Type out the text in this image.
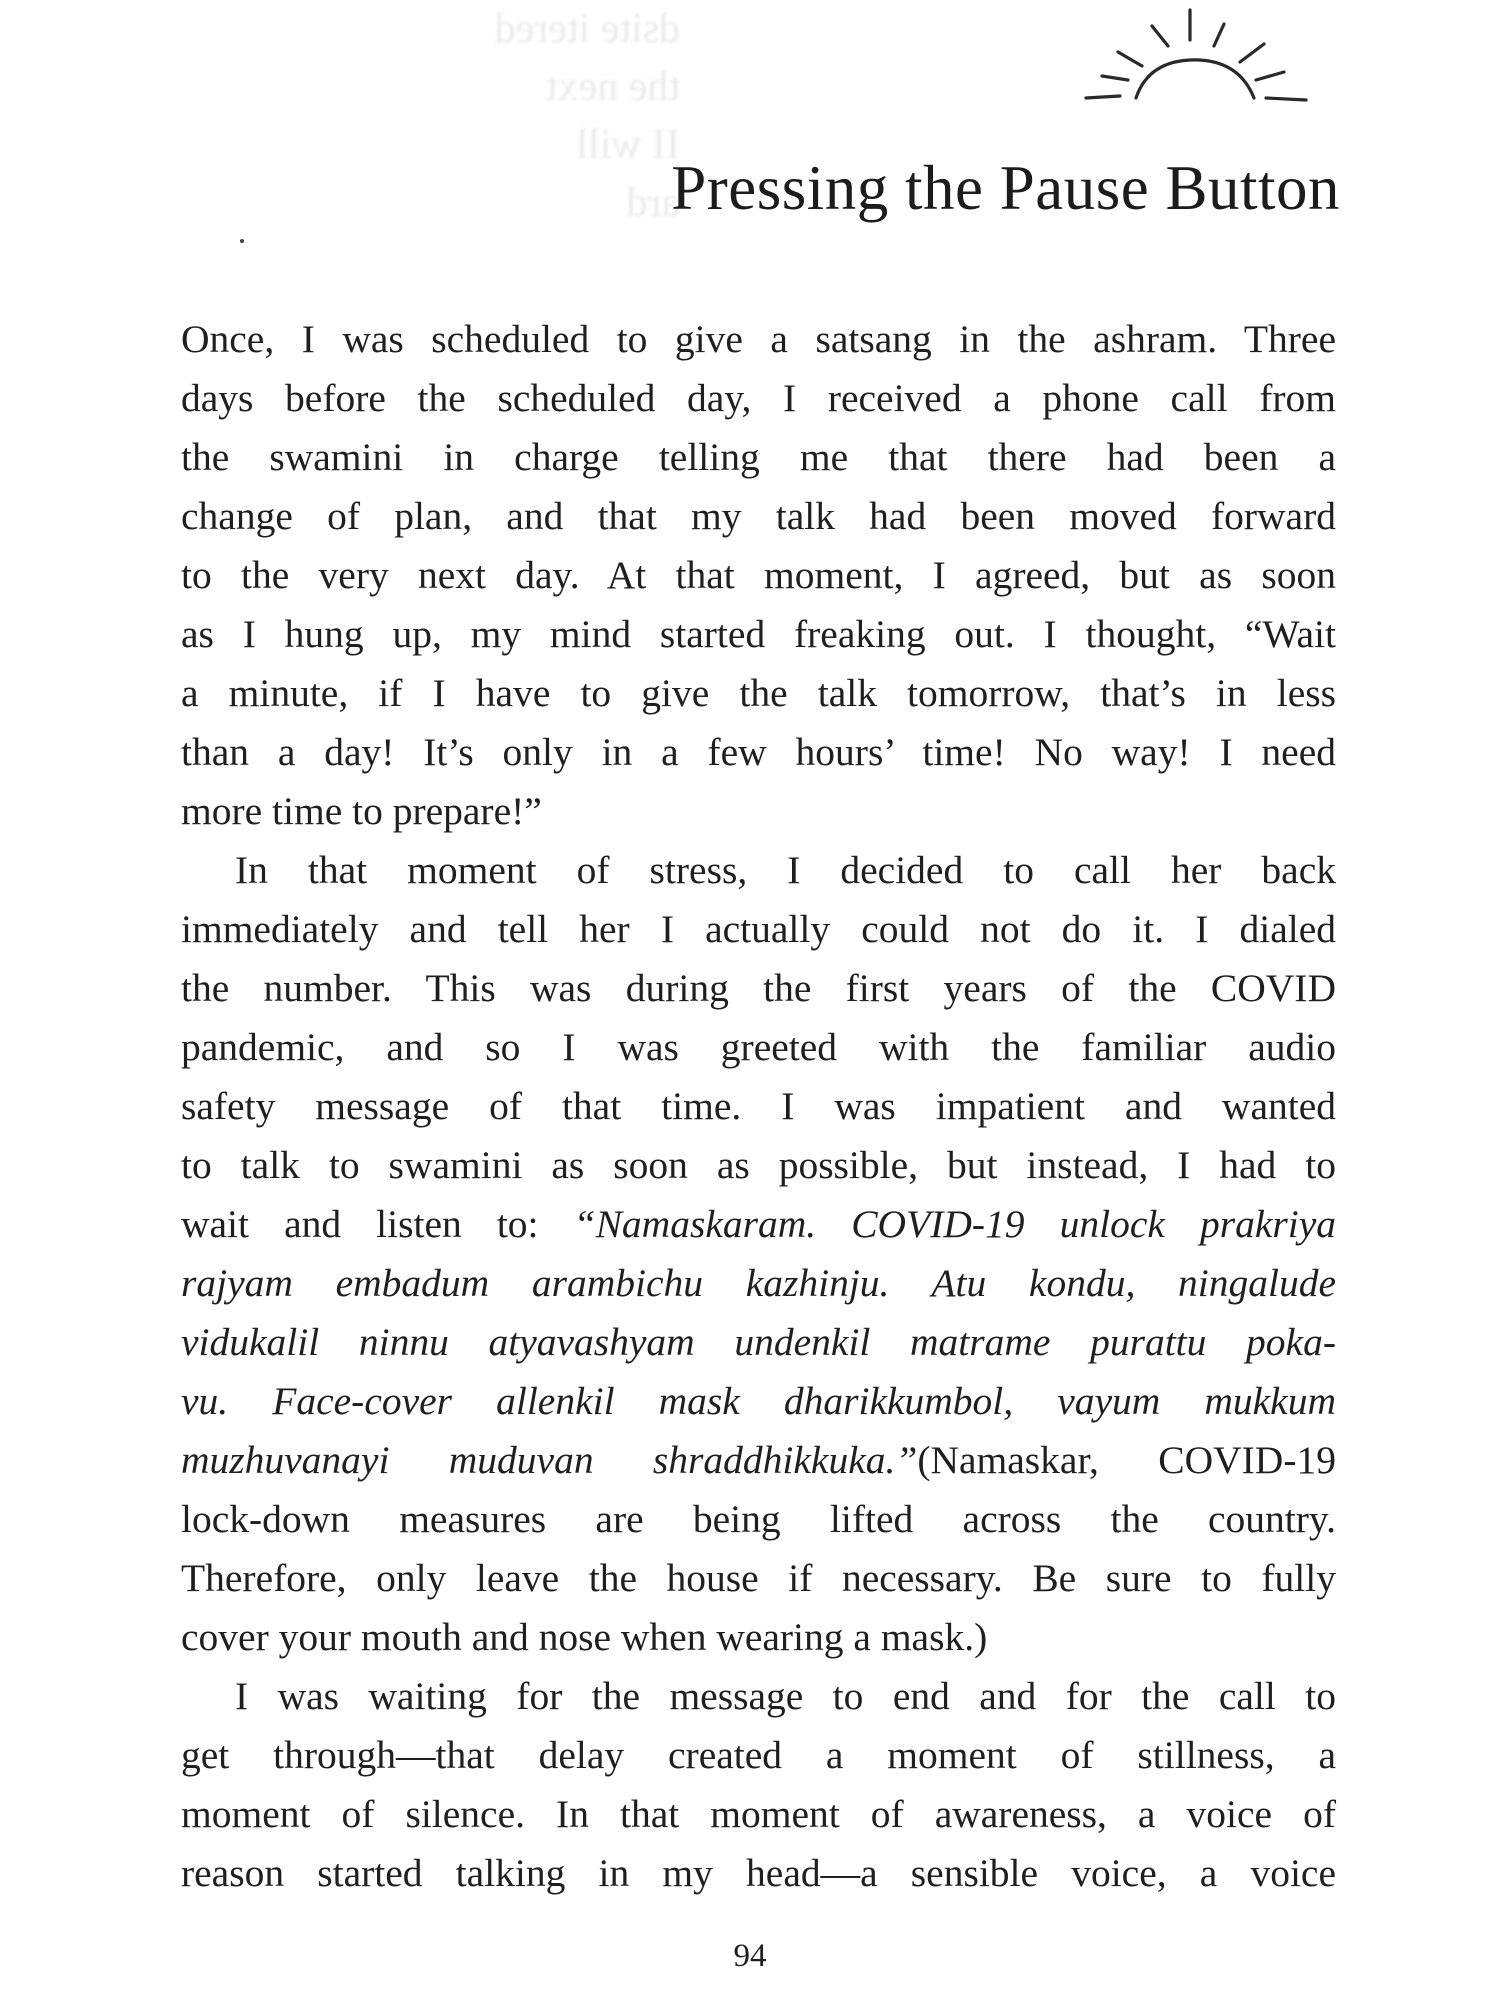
dsite itered
the next
II will
ard
Pressing the Pause Button
Once, I was scheduled to give a satsang in the ashram. Three
days before the scheduled day, I received a phone call from
the swamini in charge telling me that there had been a
change of plan, and that my talk had been moved forward
to the very next day. At that moment, I agreed, but as soon
as I hung up, my mind started freaking out. I thought, “Wait
a minute, if I have to give the talk tomorrow, that’s in less
than a day! It’s only in a few hours’ time! No way! I need
more time to prepare!”
In that moment of stress, I decided to call her back
immediately and tell her I actually could not do it. I dialed
the number. This was during the first years of the COVID
pandemic, and so I was greeted with the familiar audio
safety message of that time. I was impatient and wanted
to talk to swamini as soon as possible, but instead, I had to
wait and listen to: “Namaskaram. COVID-19 unlock prakriya
rajyam embadum arambichu kazhinju. Atu kondu, ningalude
vidukalil ninnu atyavashyam undenkil matrame purattu poka-
vu. Face-cover allenkil mask dharikkumbol, vayum mukkum
muzhuvanayi muduvan shraddhikkuka.”(Namaskar, COVID-19
lock-down measures are being lifted across the country.
Therefore, only leave the house if necessary. Be sure to fully
cover your mouth and nose when wearing a mask.)
I was waiting for the message to end and for the call to
get through—that delay created a moment of stillness, a
moment of silence. In that moment of awareness, a voice of
reason started talking in my head—a sensible voice, a voice
94
